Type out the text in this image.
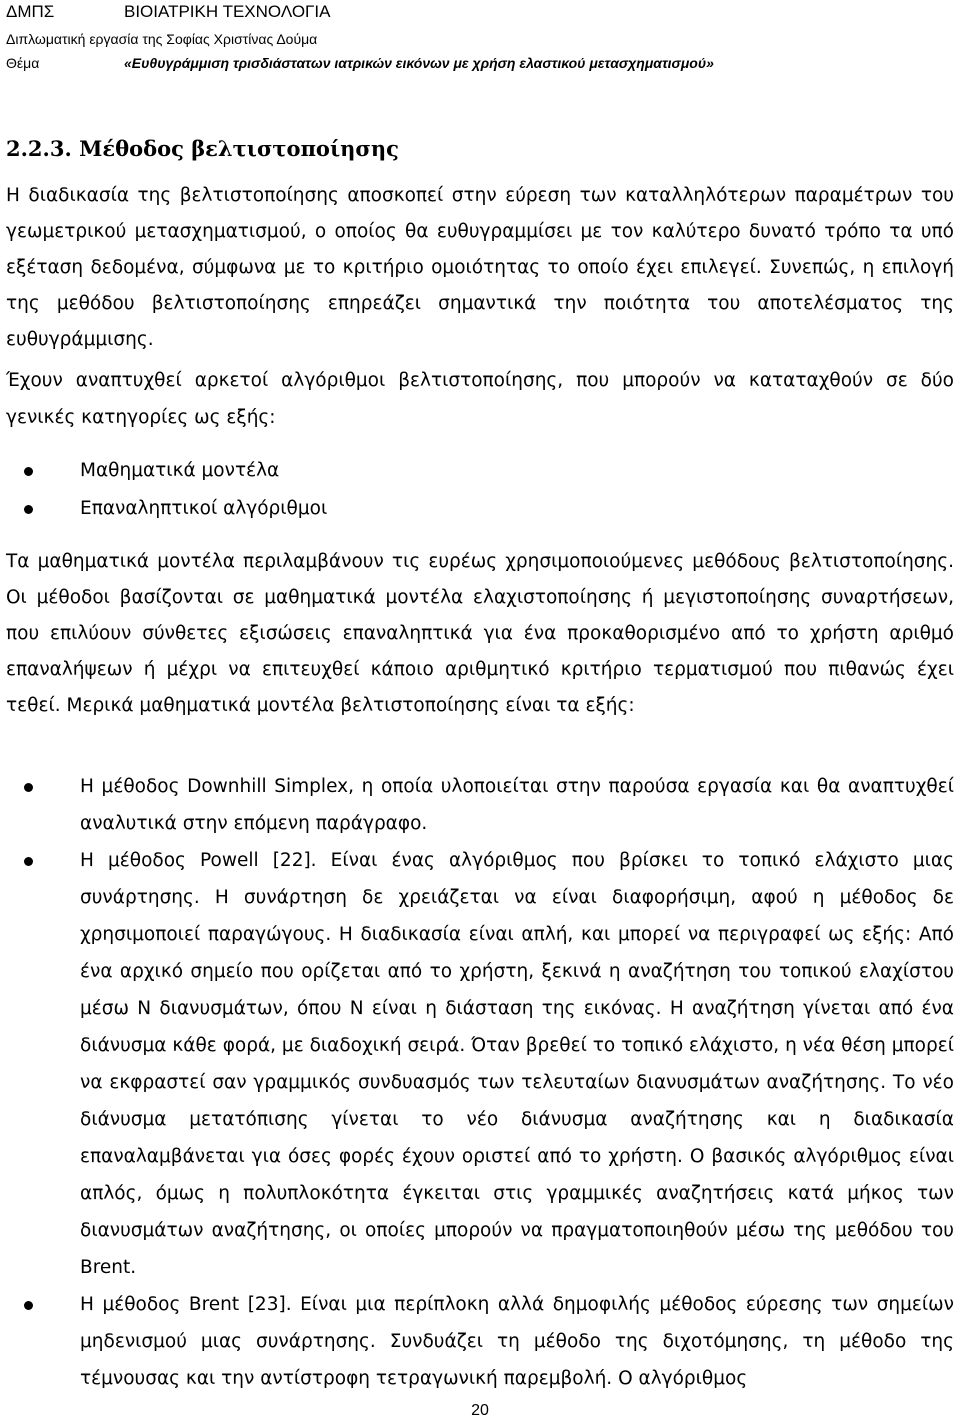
ΔΜΠΣ	ΒΙΟΙΑΤΡΙΚΗ ΤΕΧΝΟΛΟΓΙΑ
Διπλωματική εργασία της Σοφίας Χριστίνας Δούμα
Θέμα	«Ευθυγράμμιση τρισδιάστατων ιατρικών εικόνων με χρήση ελαστικού μετασχηματισμού»
2.2.3. Μέθοδος βελτιστοποίησης

Η διαδικασία της βελτιστοποίησης αποσκοπεί στην εύρεση των καταλληλότερων παραμέτρων του γεωμετρικού μετασχηματισμού, ο οποίος θα ευθυγραμμίσει με τον καλύτερο δυνατό τρόπο τα υπό εξέταση δεδομένα, σύμφωνα με το κριτήριο ομοιότητας το οποίο έχει επιλεγεί. Συνεπώς, η επιλογή της μεθόδου βελτιστοποίησης επηρεάζει σημαντικά την ποιότητα του αποτελέσματος της ευθυγράμμισης.

Έχουν αναπτυχθεί αρκετοί αλγόριθμοι βελτιστοποίησης, που μπορούν να καταταχθούν σε δύο γενικές κατηγορίες ως εξής:

Μαθηματικά μοντέλα
Επαναληπτικοί αλγόριθμοι

Τα μαθηματικά μοντέλα περιλαμβάνουν τις ευρέως χρησιμοποιούμενες μεθόδους βελτιστοποίησης. Οι μέθοδοι βασίζονται σε μαθηματικά μοντέλα ελαχιστοποίησης ή μεγιστοποίησης συναρτήσεων, που επιλύουν σύνθετες εξισώσεις επαναληπτικά για ένα προκαθορισμένο από το χρήστη αριθμό επαναλήψεων ή μέχρι να επιτευχθεί κάποιο αριθμητικό κριτήριο τερματισμού που πιθανώς έχει τεθεί. Μερικά μαθηματικά μοντέλα βελτιστοποίησης είναι τα εξής:

Η μέθοδος Downhill Simplex, η οποία υλοποιείται στην παρούσα εργασία και θα αναπτυχθεί αναλυτικά στην επόμενη παράγραφο.
Η μέθοδος Powell [22]. Είναι ένας αλγόριθμος που βρίσκει το τοπικό ελάχιστο μιας συνάρτησης. Η συνάρτηση δε χρειάζεται να είναι διαφορήσιμη, αφού η μέθοδος δε χρησιμοποιεί παραγώγους. Η διαδικασία είναι απλή, και μπορεί να περιγραφεί ως εξής: Από ένα αρχικό σημείο που ορίζεται από το χρήστη, ξεκινά η αναζήτηση του τοπικού ελαχίστου μέσω Ν διανυσμάτων, όπου Ν είναι η διάσταση της εικόνας. Η αναζήτηση γίνεται από ένα διάνυσμα κάθε φορά, με διαδοχική σειρά. Όταν βρεθεί το τοπικό ελάχιστο, η νέα θέση μπορεί να εκφραστεί σαν γραμμικός συνδυασμός των τελευταίων διανυσμάτων αναζήτησης. Το νέο διάνυσμα μετατόπισης γίνεται το νέο διάνυσμα αναζήτησης και η διαδικασία επαναλαμβάνεται για όσες φορές έχουν οριστεί από το χρήστη. Ο βασικός αλγόριθμος είναι απλός, όμως η πολυπλοκότητα έγκειται στις γραμμικές αναζητήσεις κατά μήκος των διανυσμάτων αναζήτησης, οι οποίες μπορούν να πραγματοποιηθούν μέσω της μεθόδου του Brent.
Η μέθοδος Brent [23]. Είναι μια περίπλοκη αλλά δημοφιλής μέθοδος εύρεσης των σημείων μηδενισμού μιας συνάρτησης. Συνδυάζει τη μέθοδο της διχοτόμησης, τη μέθοδο της τέμνουσας και την αντίστροφη τετραγωνική παρεμβολή. Ο αλγόριθμος
20
